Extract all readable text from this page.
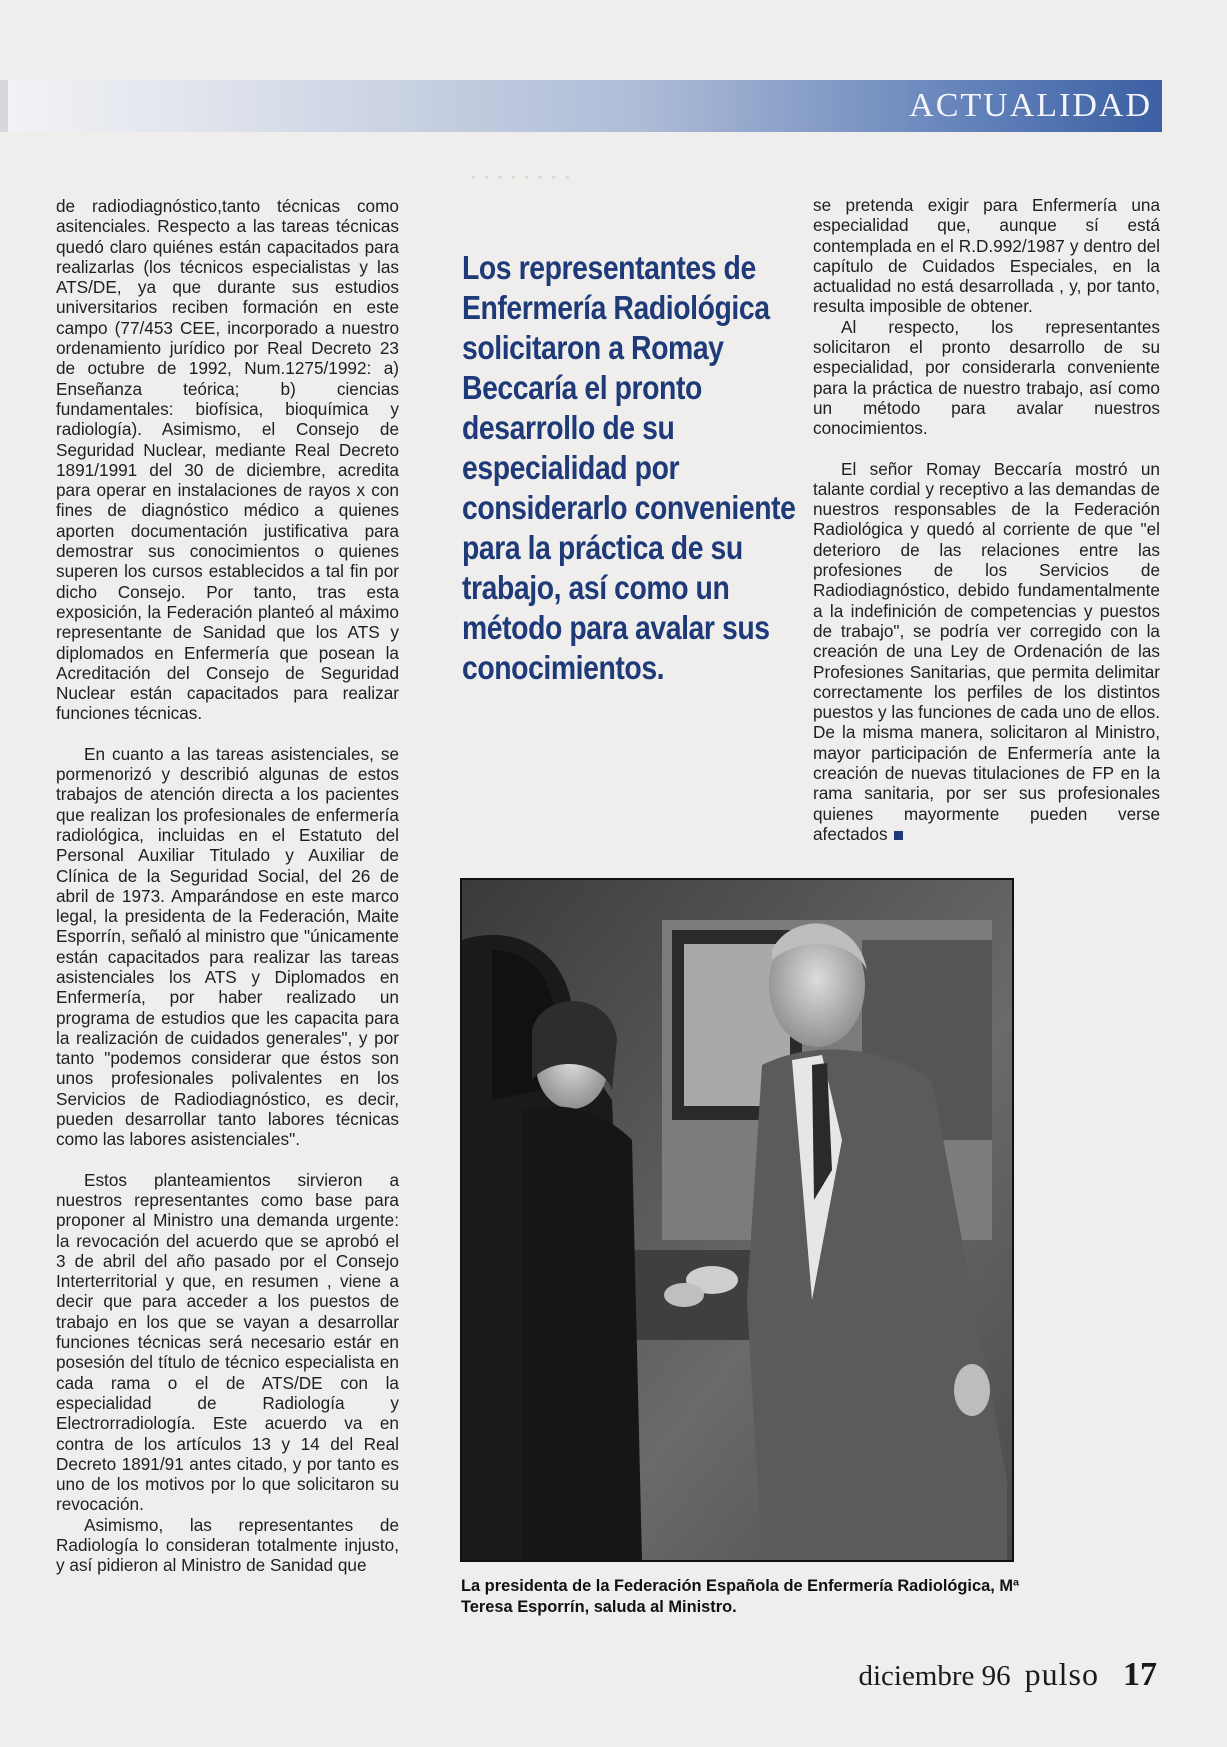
· · · · · · · ·
ACTUALIDAD

de radiodiagnóstico,tanto técnicas como asitenciales. Respecto a las tareas técnicas quedó claro quiénes están capacitados para realizarlas (los técnicos especialistas y las ATS/DE, ya que durante sus estudios universitarios reciben formación en este campo (77/453 CEE, incorporado a nuestro ordenamiento jurídico por Real Decreto 23 de octubre de 1992, Num.1275/1992: a) Enseñanza teórica; b) ciencias fundamentales: biofísica, bioquímica y radiología). Asimismo, el Consejo de Seguridad Nuclear, mediante Real Decreto 1891/1991 del 30 de diciembre, acredita para operar en instalaciones de rayos x con fines de diagnóstico médico a quienes aporten documentación justificativa para demostrar sus conocimientos o quienes superen los cursos establecidos a tal fin por dicho Consejo. Por tanto, tras esta exposición, la Federación planteó al máximo representante de Sanidad que los ATS y diplomados en Enfermería que posean la Acreditación del Consejo de Seguridad Nuclear están capacitados para realizar funciones técnicas.

En cuanto a las tareas asistenciales, se pormenorizó y describió algunas de estos trabajos de atención directa a los pacientes que realizan los profesionales de enfermería radiológica, incluidas en el Estatuto del Personal Auxiliar Titulado y Auxiliar de Clínica de la Seguridad Social, del 26 de abril de 1973. Amparándose en este marco legal, la presidenta de la Federación, Maite Esporrín, señaló al ministro que "únicamente están capacitados para realizar las tareas asistenciales los ATS y Diplomados en Enfermería, por haber realizado un programa de estudios que les capacita para la realización de cuidados generales", y por tanto "podemos considerar que éstos son unos profesionales polivalentes en los Servicios de Radiodiagnóstico, es decir, pueden desarrollar tanto labores técnicas como las labores asistenciales".

Estos planteamientos sirvieron a nuestros representantes como base para proponer al Ministro una demanda urgente: la revocación del acuerdo que se aprobó el 3 de abril del año pasado por el Consejo Interterritorial y que, en resumen , viene a decir que para acceder a los puestos de trabajo en los que se vayan a desarrollar funciones técnicas será necesario estár en posesión del título de técnico especialista en cada rama o el de ATS/DE con la especialidad de Radiología y Electrorradiología. Este acuerdo va en contra de los artículos 13 y 14 del Real Decreto 1891/91 antes citado, y por tanto es uno de los motivos por lo que solicitaron su revocación.

Asimismo, las representantes de Radiología lo consideran totalmente injusto, y así pidieron al Ministro de Sanidad que

Los representantes de Enfermería Radiológica solicitaron a Romay Beccaría el pronto desarrollo de su especialidad por considerarlo conveniente para la práctica de su trabajo, así como un método para avalar sus conocimientos.

se pretenda exigir para Enfermería una especialidad que, aunque sí está contemplada en el R.D.992/1987 y dentro del capítulo de Cuidados Especiales, en la actualidad no está desarrollada , y, por tanto, resulta imposible de obtener.

Al respecto, los representantes solicitaron el pronto desarrollo de su especialidad, por considerarla conveniente para la práctica de nuestro trabajo, así como un método para avalar nuestros conocimientos.

El señor Romay Beccaría mostró un talante cordial y receptivo a las demandas de nuestros responsables de la Federación Radiológica y quedó al corriente de que "el deterioro de las relaciones entre las profesiones de los Servicios de Radiodiagnóstico, debido fundamentalmente a la indefinición de competencias y puestos de trabajo", se podría ver corregido con la creación de una Ley de Ordenación de las Profesiones Sanitarias, que permita delimitar correctamente los perfiles de los distintos puestos y las funciones de cada uno de ellos. De la misma manera, solicitaron al Ministro, mayor participación de Enfermería ante la creación de nuevas titulaciones de FP en la rama sanitaria, por ser sus profesionales quienes mayormente pueden verse afectados

La presidenta de la Federación Española de Enfermería Radiológica, Mª Teresa Esporrín, saluda al Ministro.
diciembre 96 pulso 17
